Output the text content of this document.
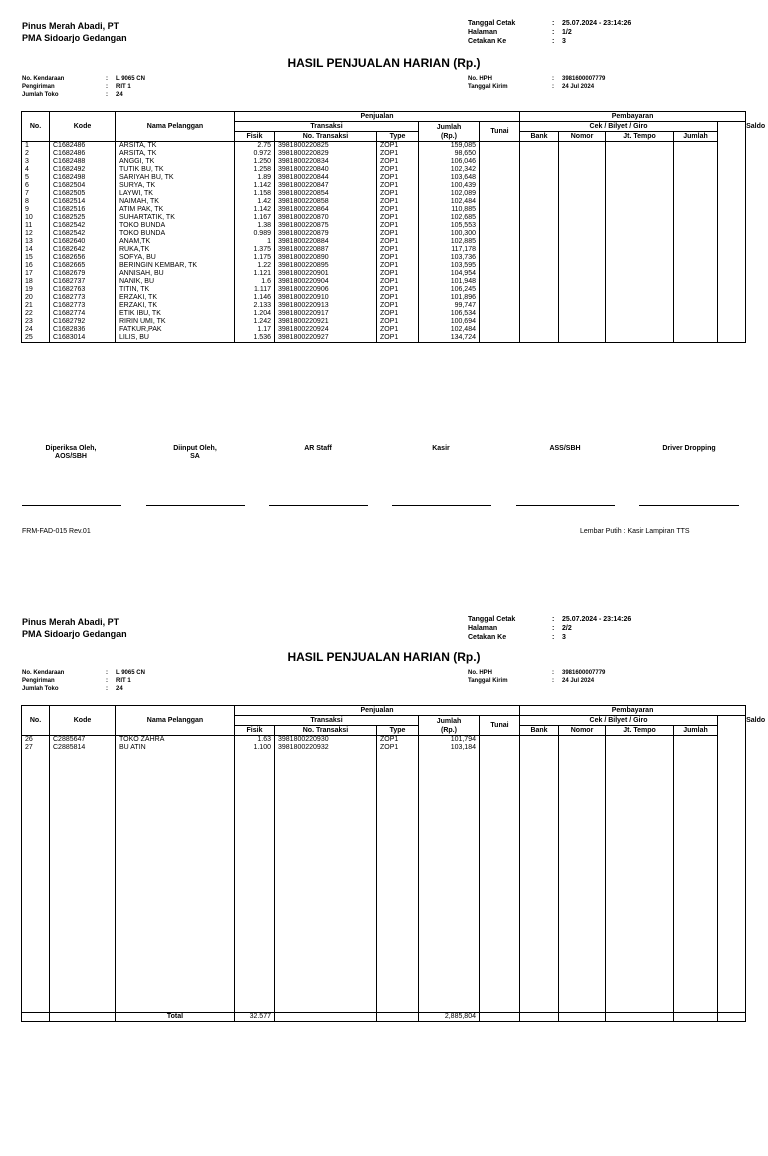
Pinus Merah Abadi, PT
PMA Sidoarjo Gedangan
Tanggal Cetak	:	25.07.2024 - 23:14:26
Halaman	:	1/2
Cetakan Ke	:	3
HASIL PENJUALAN HARIAN (Rp.)
No. Kendaraan	:	L 9065 CN
Pengiriman	:	RIT 1
Jumlah Toko	:	24
No. HPH	:	3981600007779
Tanggal Kirim	:	24 Jul 2024
No.	Kode	Nama Pelanggan	Penjualan					Pembayaran					Saldo
			Transaksi			Jumlah
(Rp.)	Tunai	Cek / Bilyet / Giro					
			Fisik	No. Transaksi	Type			Bank	Nomor	Jt. Tempo	Jumlah		
1	C1682486	ARSITA, TK	2.75	3981800220825	ZOP1	159,085							
2	C1682486	ARSITA, TK	0.972	3981800220829	ZOP1	98,650							
3	C1682488	ANGGI, TK	1.250	3981800220834	ZOP1	106,046							
4	C1682492	TUTIK BU, TK	1.258	3981800220840	ZOP1	102,342							
5	C1682498	SARIYAH BU, TK	1.89	3981800220844	ZOP1	103,648							
6	C1682504	SURYA, TK	1.142	3981800220847	ZOP1	100,439							
7	C1682505	LAYWI, TK	1.158	3981800220854	ZOP1	102,089							
8	C1682514	NAIMAH, TK	1.42	3981800220858	ZOP1	102,484							
9	C1682516	ATIM PAK, TK	1.142	3981800220864	ZOP1	110,885							
10	C1682525	SUHARTATIK, TK	1.167	3981800220870	ZOP1	102,685							
11	C1682542	TOKO BUNDA	1.38	3981800220875	ZOP1	105,553							
12	C1682542	TOKO BUNDA	0.989	3981800220879	ZOP1	100,300							
13	C1682640	ANAM,TK	1	3981800220884	ZOP1	102,885							
14	C1682642	RUKA,TK	1.375	3981800220887	ZOP1	117,178							
15	C1682656	SOFYA, BU	1.175	3981800220890	ZOP1	103,736							
16	C1682665	BERINGIN KEMBAR, TK	1.22	3981800220895	ZOP1	103,595							
17	C1682679	ANNISAH, BU	1.121	3981800220901	ZOP1	104,954							
18	C1682737	NANIK, BU	1.6	3981800220904	ZOP1	101,948							
19	C1682763	TITIN, TK	1.117	3981800220906	ZOP1	106,245							
20	C1682773	ERZAKI, TK	1.146	3981800220910	ZOP1	101,896							
21	C1682773	ERZAKI, TK	2.133	3981800220913	ZOP1	99,747							
22	C1682774	ETIK IBU, TK	1.204	3981800220917	ZOP1	106,534							
23	C1682792	RIRIN UMI, TK	1.242	3981800220921	ZOP1	100,694							
24	C1682836	FATKUR,PAK	1.17	3981800220924	ZOP1	102,484							
25	C1683014	LILIS, BU	1.536	3981800220927	ZOP1	134,724							
Diperiksa Oleh,
AOS/SBH
Diinput Oleh,
SA
AR Staff	Kasir	ASS/SBH	Driver Dropping
FRM-FAD-015 Rev.01	Lembar Putih : Kasir Lampiran TTS
Pinus Merah Abadi, PT
PMA Sidoarjo Gedangan
Tanggal Cetak	:	25.07.2024 - 23:14:26
Halaman	:	2/2
Cetakan Ke	:	3
HASIL PENJUALAN HARIAN (Rp.)
No. Kendaraan	:	L 9065 CN
Pengiriman	:	RIT 1
Jumlah Toko	:	24
No. HPH	:	3981600007779
Tanggal Kirim	:	24 Jul 2024
No.	Kode	Nama Pelanggan	Penjualan					Pembayaran					Saldo
			Transaksi			Jumlah
(Rp.)	Tunai	Cek / Bilyet / Giro					
			Fisik	No. Transaksi	Type			Bank	Nomor	Jt. Tempo	Jumlah		
26	C2885647	TOKO ZAHRA	1.63	3981800220930	ZOP1	101,794							
27	C2885814	BU ATIN	1.100	3981800220932	ZOP1	103,184							

		Total	32.577			2,885,804							
